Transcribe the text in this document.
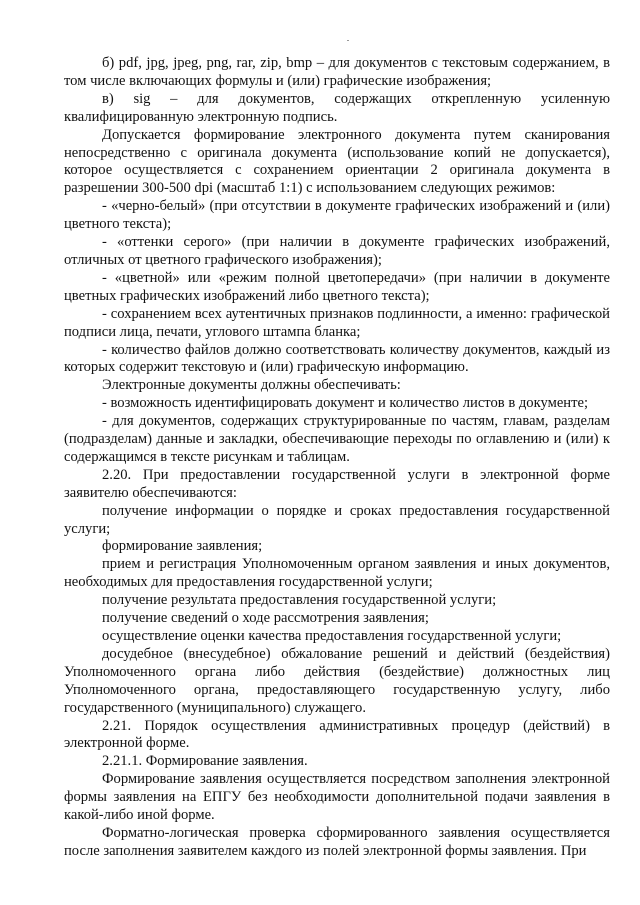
б) pdf, jpg, jpeg, png, rar, zip, bmp – для документов с текстовым содержанием, в том числе включающих формулы и (или) графические изображения;

в) sig – для документов, содержащих открепленную усиленную квалифицированную электронную подпись.

Допускается формирование электронного документа путем сканирования непосредственно с оригинала документа (использование копий не допускается), которое осуществляется с сохранением ориентации 2 оригинала документа в разрешении 300-500 dpi (масштаб 1:1) с использованием следующих режимов:

- «черно-белый» (при отсутствии в документе графических изображений и (или) цветного текста);

- «оттенки серого» (при наличии в документе графических изображений, отличных от цветного графического изображения);

- «цветной» или «режим полной цветопередачи» (при наличии в документе цветных графических изображений либо цветного текста);

- сохранением всех аутентичных признаков подлинности, а именно: графической подписи лица, печати, углового штампа бланка;

- количество файлов должно соответствовать количеству документов, каждый из которых содержит текстовую и (или) графическую информацию.

Электронные документы должны обеспечивать:

- возможность идентифицировать документ и количество листов в документе;

- для документов, содержащих структурированные по частям, главам, разделам (подразделам) данные и закладки, обеспечивающие переходы по оглавлению и (или) к содержащимся в тексте рисункам и таблицам.

2.20. При предоставлении государственной услуги в электронной форме заявителю обеспечиваются:

получение информации о порядке и сроках предоставления государственной услуги;

формирование заявления;

прием и регистрация Уполномоченным органом заявления и иных документов, необходимых для предоставления государственной услуги;

получение результата предоставления государственной услуги;

получение сведений о ходе рассмотрения заявления;

осуществление оценки качества предоставления государственной услуги;

досудебное (внесудебное) обжалование решений и действий (бездействия) Уполномоченного органа либо действия (бездействие) должностных лиц Уполномоченного органа, предоставляющего государственную услугу, либо государственного (муниципального) служащего.

2.21. Порядок осуществления административных процедур (действий) в электронной форме.

2.21.1. Формирование заявления.

Формирование заявления осуществляется посредством заполнения электронной формы заявления на ЕПГУ без необходимости дополнительной подачи заявления в какой-либо иной форме.

Форматно-логическая проверка сформированного заявления осуществляется после заполнения заявителем каждого из полей электронной формы заявления. При
